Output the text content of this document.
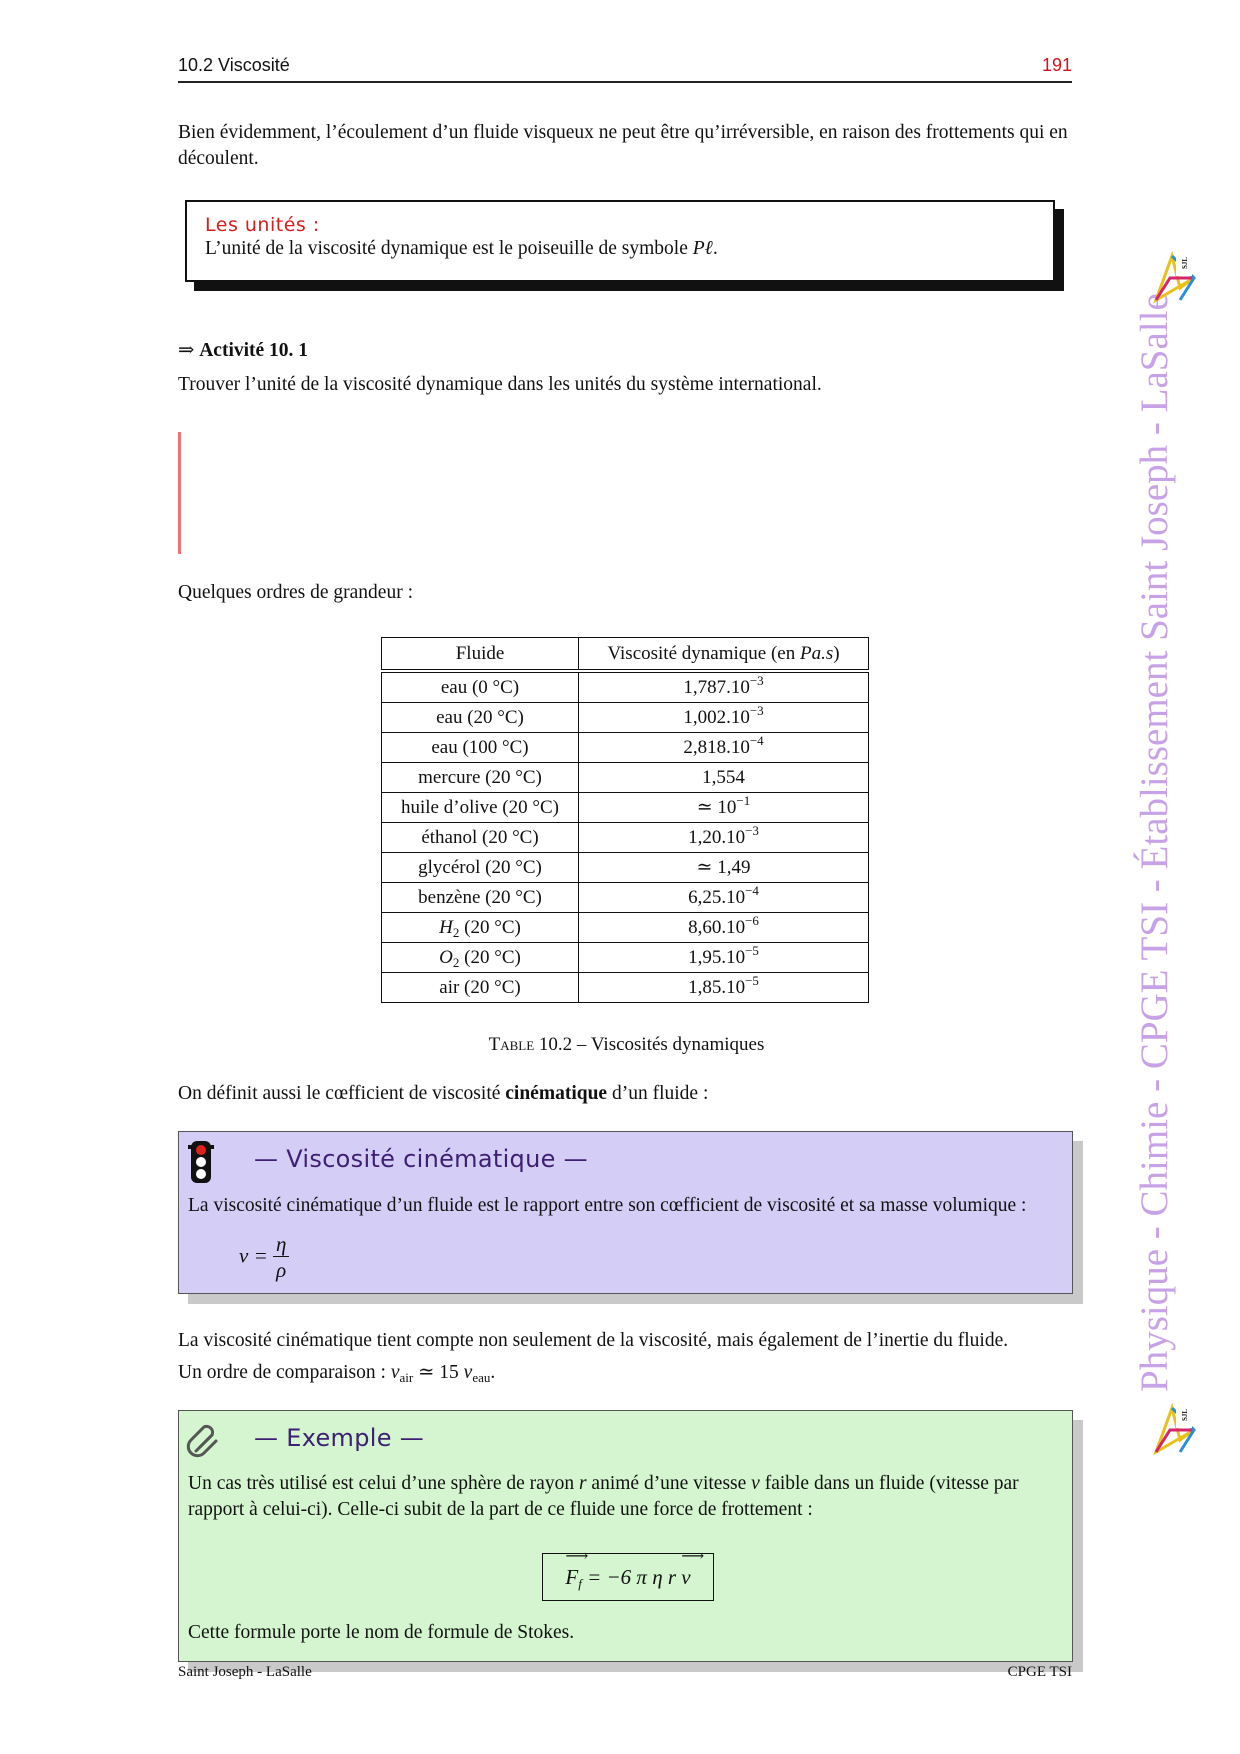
10.2 Viscosité	191

Bien évidemment, l’écoulement d’un fluide visqueux ne peut être qu’irréversible, en raison des frottements qui en découlent.

Les unités :
L’unité de la viscosité dynamique est le poiseuille de symbole Pℓ.
⇒ Activité 10. 1

Trouver l’unité de la viscosité dynamique dans les unités du système international.

Quelques ordres de grandeur :

Fluide	Viscosité dynamique (en Pa.s)
eau (0 °C)	$1,787.10^{-3}$
eau (20 °C)	$1,002.10^{-3}$
eau (100 °C)	$2,818.10^{-4}$
mercure (20 °C)	1,554
huile d’olive (20 °C)	≃ $10^{-1}$
éthanol (20 °C)	$1,20.10^{-3}$
glycérol (20 °C)	≃ 1,49
benzène (20 °C)	$6,25.10^{-4}$
$H_2$ (20 °C)	$8,60.10^{-6}$
$O_2$ (20 °C)	$1,95.10^{-5}$
air (20 °C)	$1,85.10^{-5}$
Table 10.2 – Viscosités dynamiques

On définit aussi le cœfficient de viscosité cinématique d’un fluide :

— Viscosité cinématique —
La viscosité cinématique d’un fluide est le rapport entre son cœfficient de viscosité et sa masse volumique :
$\nu = \frac{\eta}{\rho}$

La viscosité cinématique tient compte non seulement de la viscosité, mais également de l’inertie du fluide.

Un ordre de comparaison : $\nu_{air}$ ≃ 15 $\nu_{eau}$.

— Exemple —
Un cas très utilisé est celui d’une sphère de rayon r animé d’une vitesse v faible dans un fluide (vitesse par rapport à celui-ci). Celle-ci subit de la part de ce fluide une force de frottement :
⟶ $F_f = -6$ π η r ⟶ v
Cette formule porte le nom de formule de Stokes.
Physique - Chimie - CPGE TSI - Établissement Saint Joseph - LaSalle
SJL
SJL
Saint Joseph - LaSalle	CPGE TSI
